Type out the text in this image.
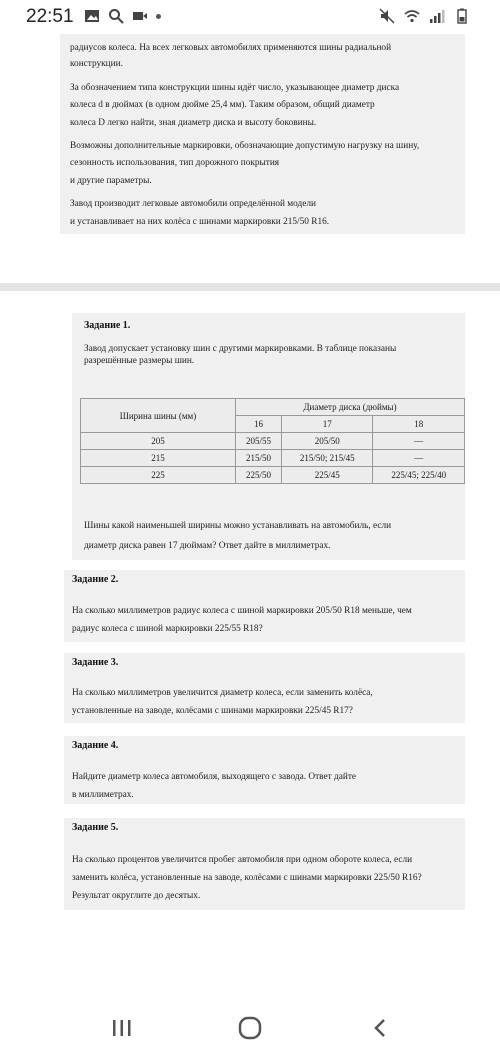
22:51
радиусов колеса. На всех легковых автомобилях применяются шины радиальной
конструкции.
За обозначением типа конструкции шины идёт число, указывающее диаметр диска
колеса d в дюймах (в одном дюйме 25,4 мм). Таким образом, общий диаметр
колеса D легко найти, зная диаметр диска и высоту боковины.
Возможны дополнительные маркировки, обозначающие допустимую нагрузку на шину,
сезонность использования, тип дорожного покрытия
и другие параметры.
Завод производит легковые автомобили определённой модели
и устанавливает на них колёса с шинами маркировки 215/50 R16.
Задание 1.
Завод допускает установку шин с другими маркировками. В таблице показаны
разрешённые размеры шин.
Ширина шины (мм)	Диаметр диска (дюймы)		
	16	17	18
205	205/55	205/50	—
215	215/50	215/50; 215/45	—
225	225/50	225/45	225/45; 225/40
Шины какой наименьшей ширины можно устанавливать на автомобиль, если
диаметр диска равен 17 дюймам? Ответ дайте в миллиметрах.
Задание 2.
На сколько миллиметров радиус колеса с шиной маркировки 205/50 R18 меньше, чем
радиус колеса с шиной маркировки 225/55 R18?
Задание 3.
На сколько миллиметров увеличится диаметр колеса, если заменить колёса,
установленные на заводе, колёсами с шинами маркировки 225/45 R17?
Задание 4.
Найдите диаметр колеса автомобиля, выходящего с завода. Ответ дайте
в миллиметрах.
Задание 5.
На сколько процентов увеличится пробег автомобиля при одном обороте колеса, если
заменить колёса, установленные на заводе, колёсами с шинами маркировки 225/50 R16?
Результат округлите до десятых.
